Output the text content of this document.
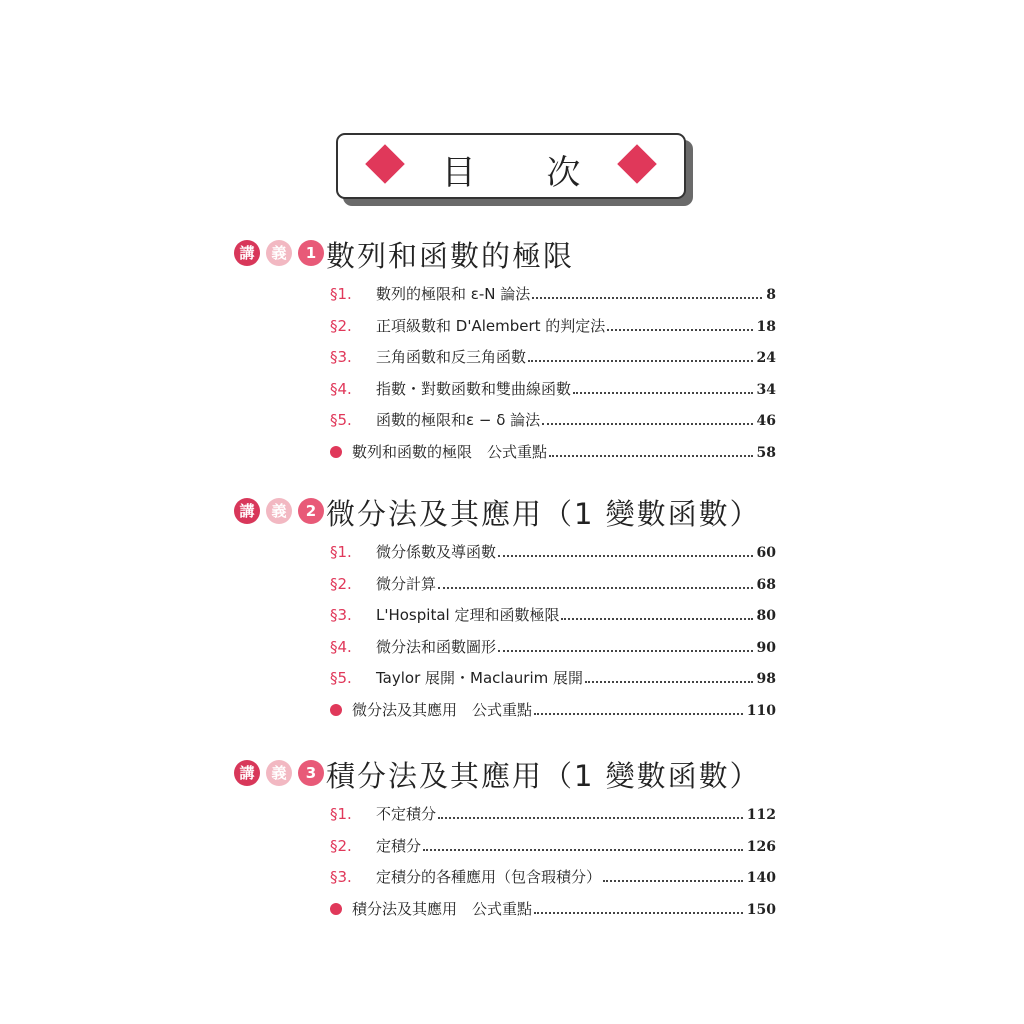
目 次
講	義	1 數列和函數的極限
§1.	數列的極限和 ε-N 論法	8
§2.	正項級數和 D'Alembert 的判定法	18
§3.	三角函數和反三角函數	24
§4.	指數・對數函數和雙曲線函數	34
§5.	函數的極限和ε − δ 論法	46
數列和函數的極限　公式重點	58
講	義	2 微分法及其應用（1 變數函數）
§1.	微分係數及導函數	60
§2.	微分計算	68
§3.	L'Hospital 定理和函數極限	80
§4.	微分法和函數圖形	90
§5.	Taylor 展開・Maclaurim 展開	98
微分法及其應用　公式重點	110
講	義	3 積分法及其應用（1 變數函數）
§1.	不定積分	112
§2.	定積分	126
§3.	定積分的各種應用（包含瑕積分）	140
積分法及其應用　公式重點	150
